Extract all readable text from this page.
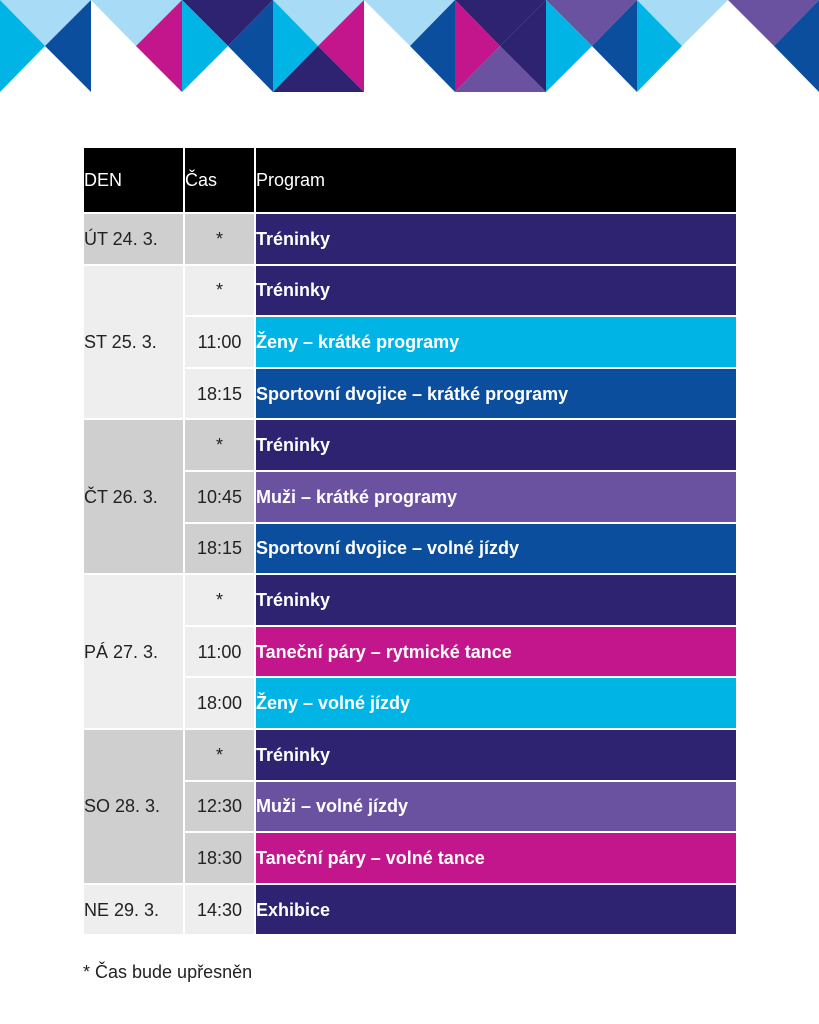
DEN	Čas	Program
ÚT 24. 3.	*	Tréninky
ST 25. 3.	*	Tréninky
	11:00	Ženy – krátké programy
	18:15	Sportovní dvojice – krátké programy
ČT 26. 3.	*	Tréninky
	10:45	Muži – krátké programy
	18:15	Sportovní dvojice – volné jízdy
PÁ 27. 3.	*	Tréninky
	11:00	Taneční páry – rytmické tance
	18:00	Ženy – volné jízdy
SO 28. 3.	*	Tréninky
	12:30	Muži – volné jízdy
	18:30	Taneční páry – volné tance
NE 29. 3.	14:30	Exhibice
* Čas bude upřesněn
